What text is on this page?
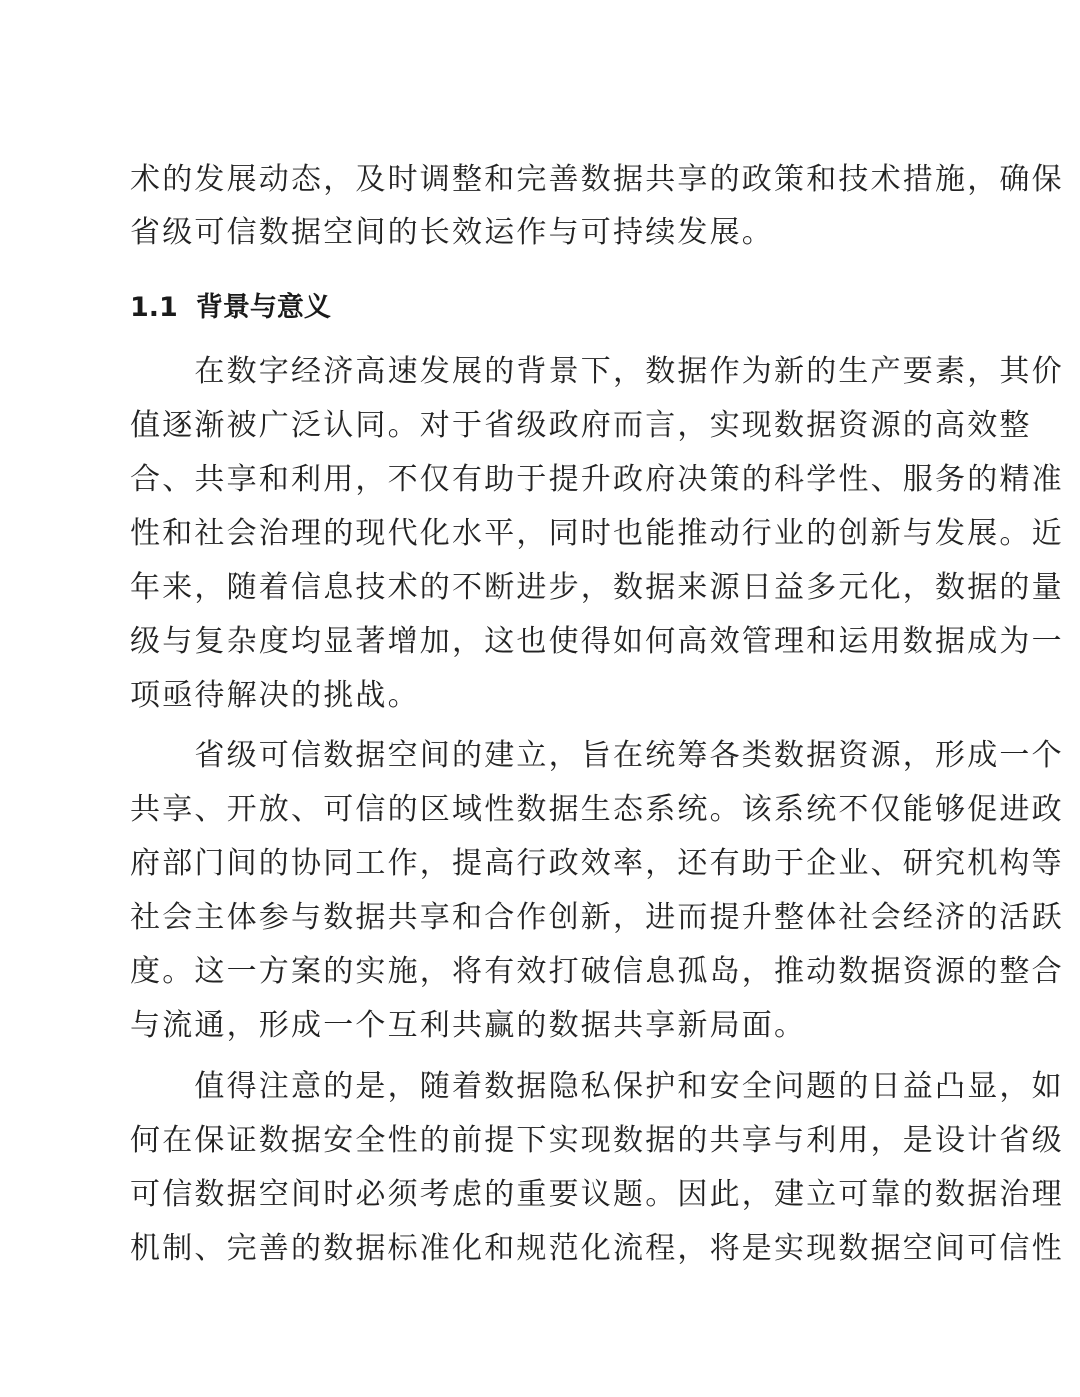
术的发展动态，及时调整和完善数据共享的政策和技术措施，确保
省级可信数据空间的长效运作与可持续发展。
1.1 背景与意义
　　在数字经济高速发展的背景下，数据作为新的生产要素，其价
值逐渐被广泛认同。对于省级政府而言，实现数据资源的高效整
合、共享和利用，不仅有助于提升政府决策的科学性、服务的精准
性和社会治理的现代化水平，同时也能推动行业的创新与发展。近
年来，随着信息技术的不断进步，数据来源日益多元化，数据的量
级与复杂度均显著增加，这也使得如何高效管理和运用数据成为一
项亟待解决的挑战。
　　省级可信数据空间的建立，旨在统筹各类数据资源，形成一个
共享、开放、可信的区域性数据生态系统。该系统不仅能够促进政
府部门间的协同工作，提高行政效率，还有助于企业、研究机构等
社会主体参与数据共享和合作创新，进而提升整体社会经济的活跃
度。这一方案的实施，将有效打破信息孤岛，推动数据资源的整合
与流通，形成一个互利共赢的数据共享新局面。
　　值得注意的是，随着数据隐私保护和安全问题的日益凸显，如
何在保证数据安全性的前提下实现数据的共享与利用，是设计省级
可信数据空间时必须考虑的重要议题。因此，建立可靠的数据治理
机制、完善的数据标准化和规范化流程，将是实现数据空间可信性
